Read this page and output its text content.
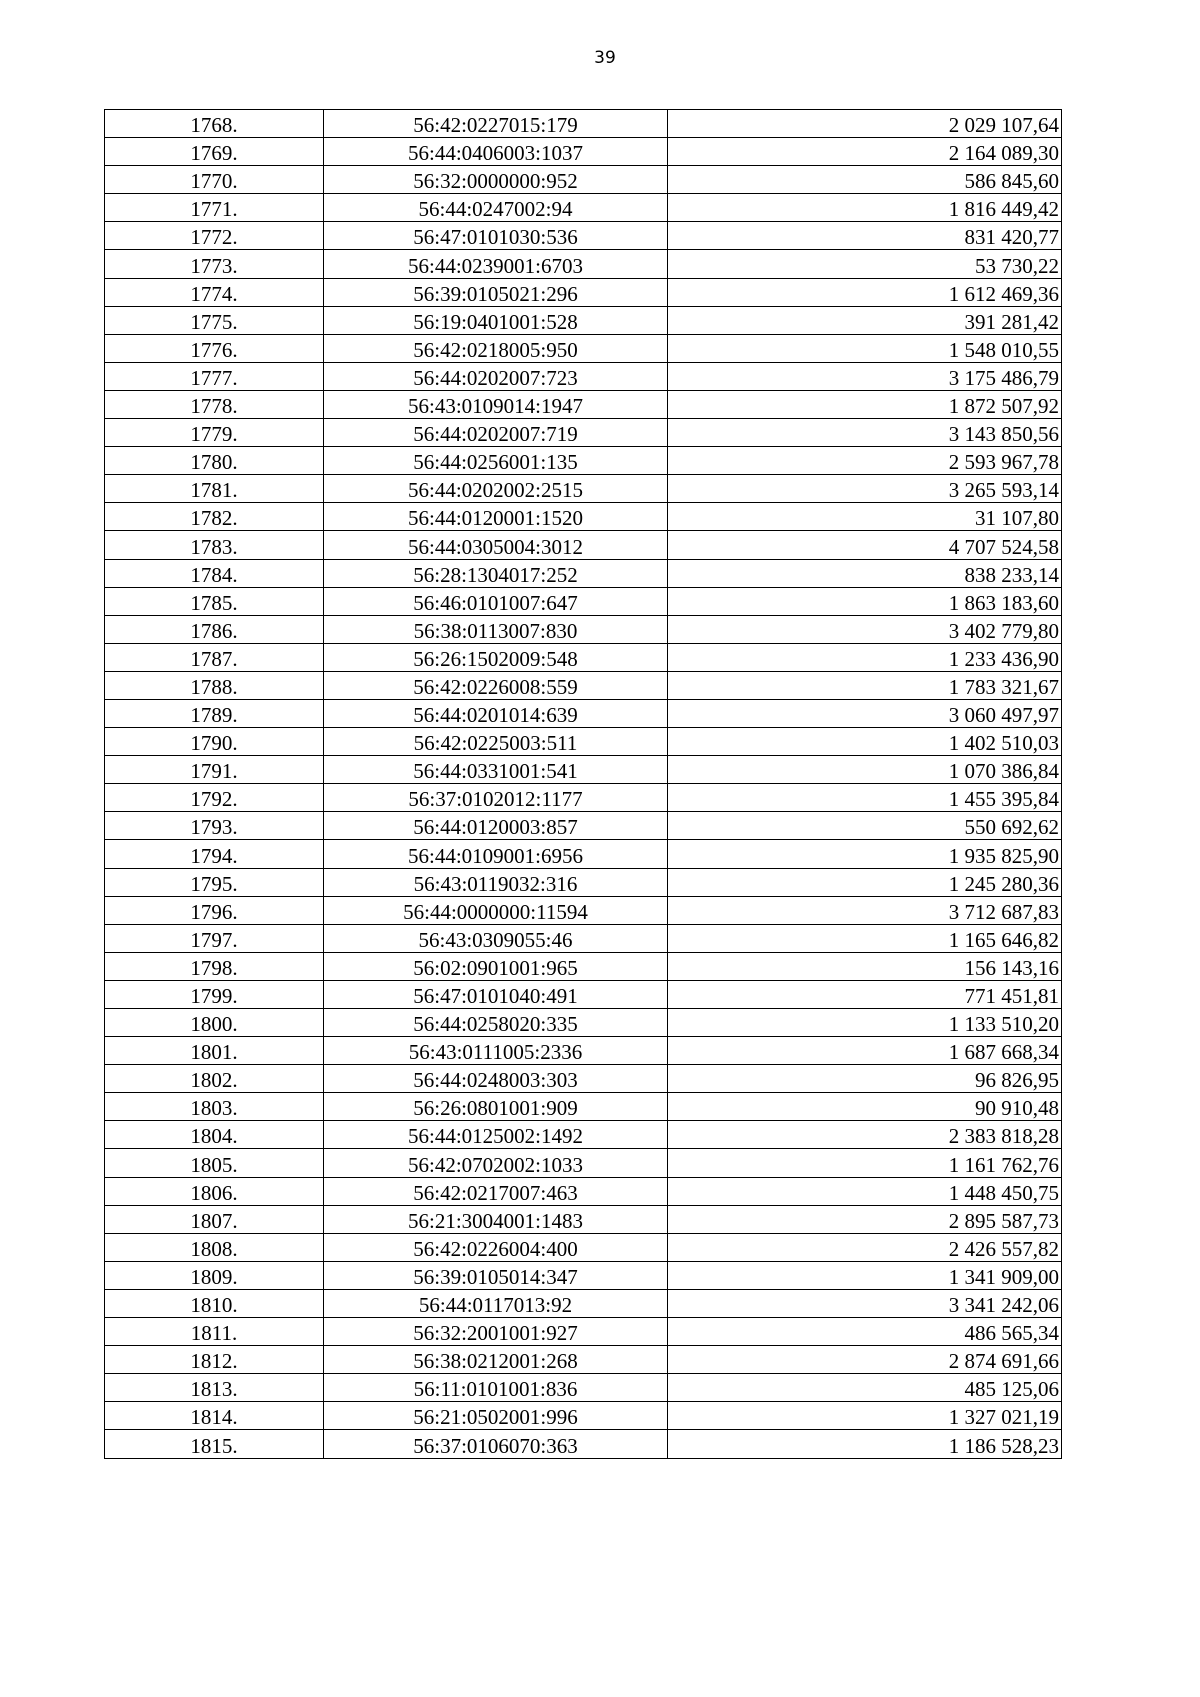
39
1768.	56:42:0227015:179	2 029 107,64
1769.	56:44:0406003:1037	2 164 089,30
1770.	56:32:0000000:952	586 845,60
1771.	56:44:0247002:94	1 816 449,42
1772.	56:47:0101030:536	831 420,77
1773.	56:44:0239001:6703	53 730,22
1774.	56:39:0105021:296	1 612 469,36
1775.	56:19:0401001:528	391 281,42
1776.	56:42:0218005:950	1 548 010,55
1777.	56:44:0202007:723	3 175 486,79
1778.	56:43:0109014:1947	1 872 507,92
1779.	56:44:0202007:719	3 143 850,56
1780.	56:44:0256001:135	2 593 967,78
1781.	56:44:0202002:2515	3 265 593,14
1782.	56:44:0120001:1520	31 107,80
1783.	56:44:0305004:3012	4 707 524,58
1784.	56:28:1304017:252	838 233,14
1785.	56:46:0101007:647	1 863 183,60
1786.	56:38:0113007:830	3 402 779,80
1787.	56:26:1502009:548	1 233 436,90
1788.	56:42:0226008:559	1 783 321,67
1789.	56:44:0201014:639	3 060 497,97
1790.	56:42:0225003:511	1 402 510,03
1791.	56:44:0331001:541	1 070 386,84
1792.	56:37:0102012:1177	1 455 395,84
1793.	56:44:0120003:857	550 692,62
1794.	56:44:0109001:6956	1 935 825,90
1795.	56:43:0119032:316	1 245 280,36
1796.	56:44:0000000:11594	3 712 687,83
1797.	56:43:0309055:46	1 165 646,82
1798.	56:02:0901001:965	156 143,16
1799.	56:47:0101040:491	771 451,81
1800.	56:44:0258020:335	1 133 510,20
1801.	56:43:0111005:2336	1 687 668,34
1802.	56:44:0248003:303	96 826,95
1803.	56:26:0801001:909	90 910,48
1804.	56:44:0125002:1492	2 383 818,28
1805.	56:42:0702002:1033	1 161 762,76
1806.	56:42:0217007:463	1 448 450,75
1807.	56:21:3004001:1483	2 895 587,73
1808.	56:42:0226004:400	2 426 557,82
1809.	56:39:0105014:347	1 341 909,00
1810.	56:44:0117013:92	3 341 242,06
1811.	56:32:2001001:927	486 565,34
1812.	56:38:0212001:268	2 874 691,66
1813.	56:11:0101001:836	485 125,06
1814.	56:21:0502001:996	1 327 021,19
1815.	56:37:0106070:363	1 186 528,23
